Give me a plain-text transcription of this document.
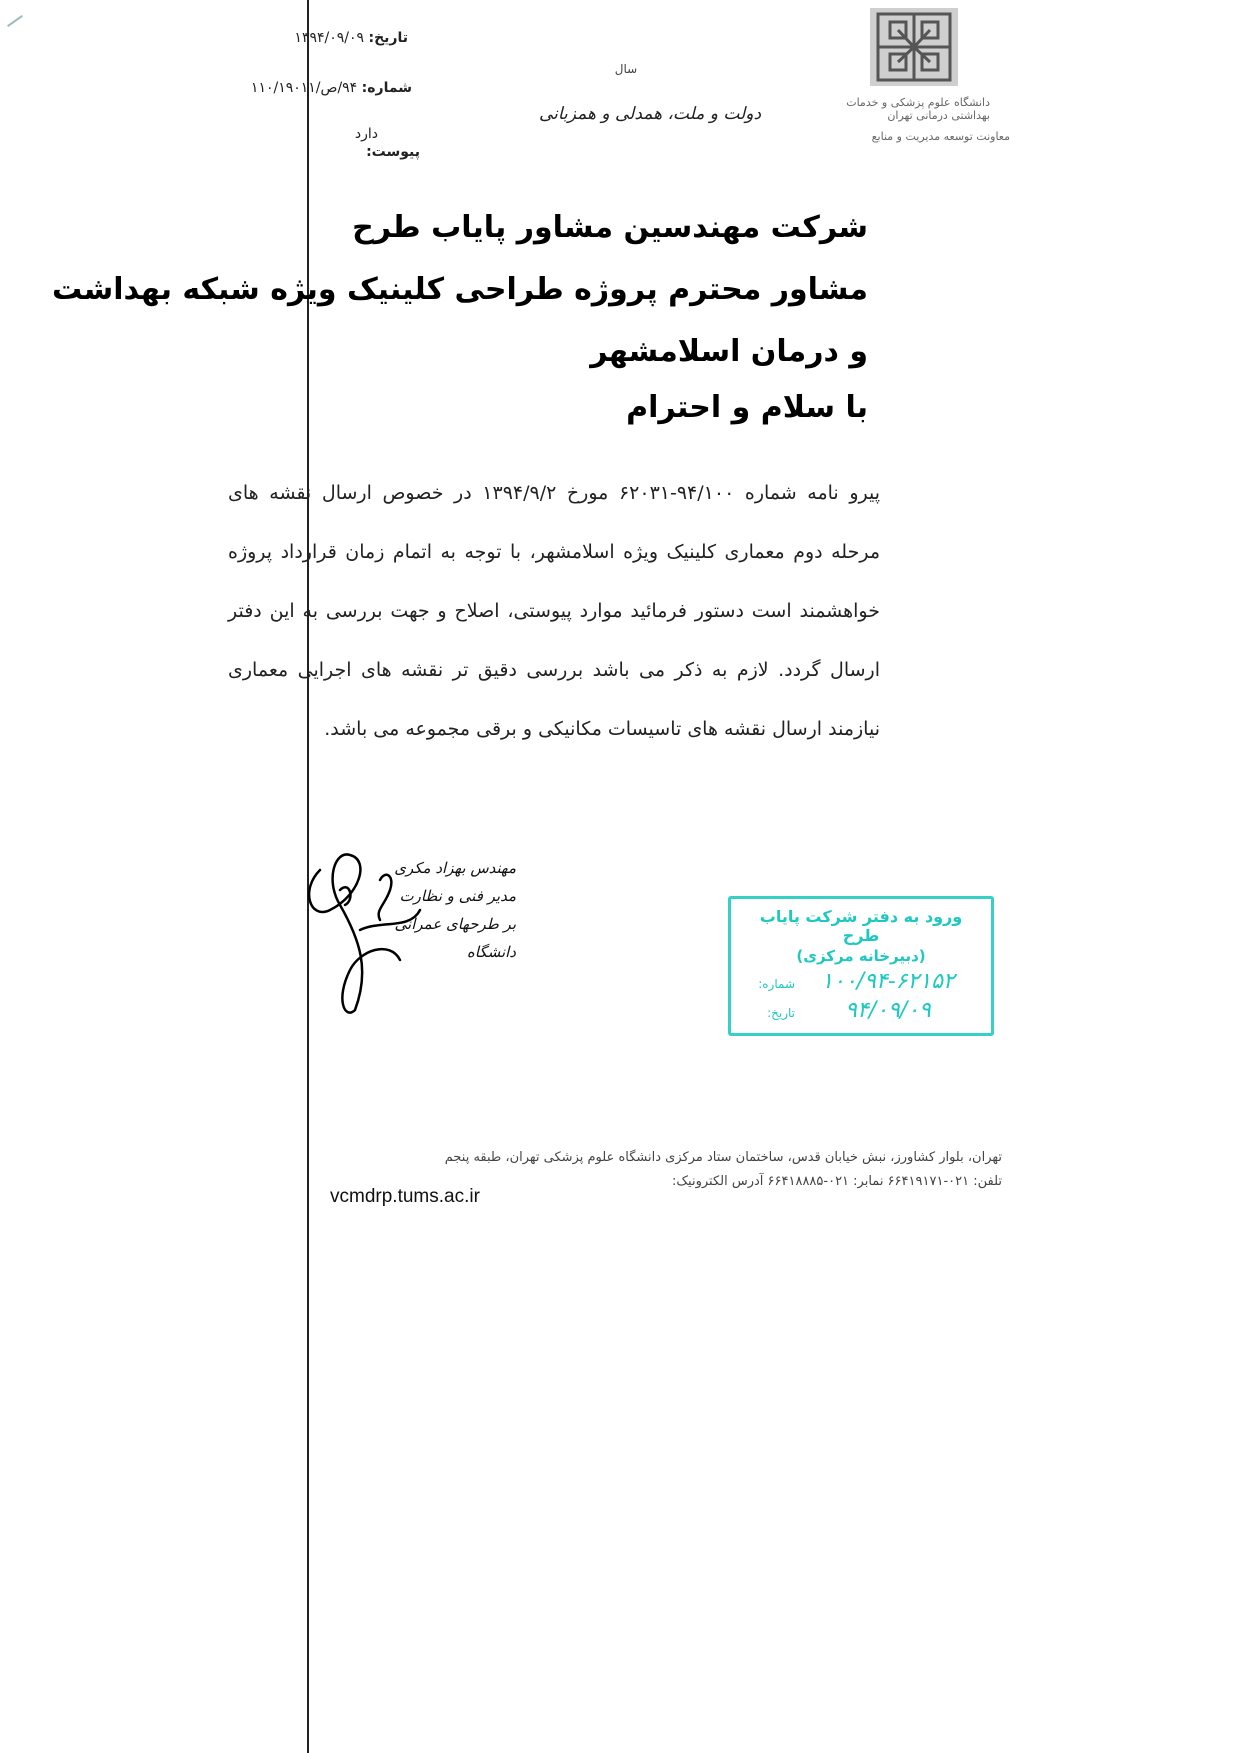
تاریخ: ۱۳۹۴/۰۹/۰۹
شماره: ۹۴/ص/۱۱۰/۱۹۰۱۱
دارد
پیوست:
دانشگاه علوم پزشکی و خدمات بهداشتی درمانی تهران
معاونت توسعه مدیریت و منابع
سال
دولت و ملت، همدلی و همزبانی
شرکت مهندسین مشاور پایاب طرح
مشاور محترم پروژه طراحی کلینیک ویژه شبکه بهداشت
و درمان اسلامشهر
با سلام و احترام
پیرو نامه شماره ۹۴/۱۰۰-۶۲۰۳۱ مورخ ۱۳۹۴/۹/۲ در خصوص ارسال نقشه های مرحله دوم معماری کلینیک ویژه اسلامشهر، با توجه به اتمام زمان قرارداد پروژه خواهشمند است دستور فرمائید موارد پیوستی، اصلاح و جهت بررسی به این دفتر ارسال گردد. لازم به ذکر می باشد بررسی دقیق تر نقشه های اجرایی معماری نیازمند ارسال نقشه های تاسیسات مکانیکی و برقی مجموعه می باشد.
مهندس بهزاد مکری
مدیر فنی و نظارت
بر طرحهای عمرانی دانشگاه
ورود به دفتر شرکت پایاب طرح
(دبیرخانه مرکزی)
شماره:	۱۰۰/۹۴-۶۲۱۵۲
تاریخ:	۹۴/۰۹/۰۹
تهران، بلوار کشاورز، نبش خیابان قدس، ساختمان ستاد مرکزی دانشگاه علوم پزشکی تهران، طبقه پنجم
تلفن: ۰۲۱-۶۶۴۱۹۱۷۱ نمابر: ۰۲۱-۶۶۴۱۸۸۸۵ آدرس الکترونیک:
vcmdrp.tums.ac.ir
